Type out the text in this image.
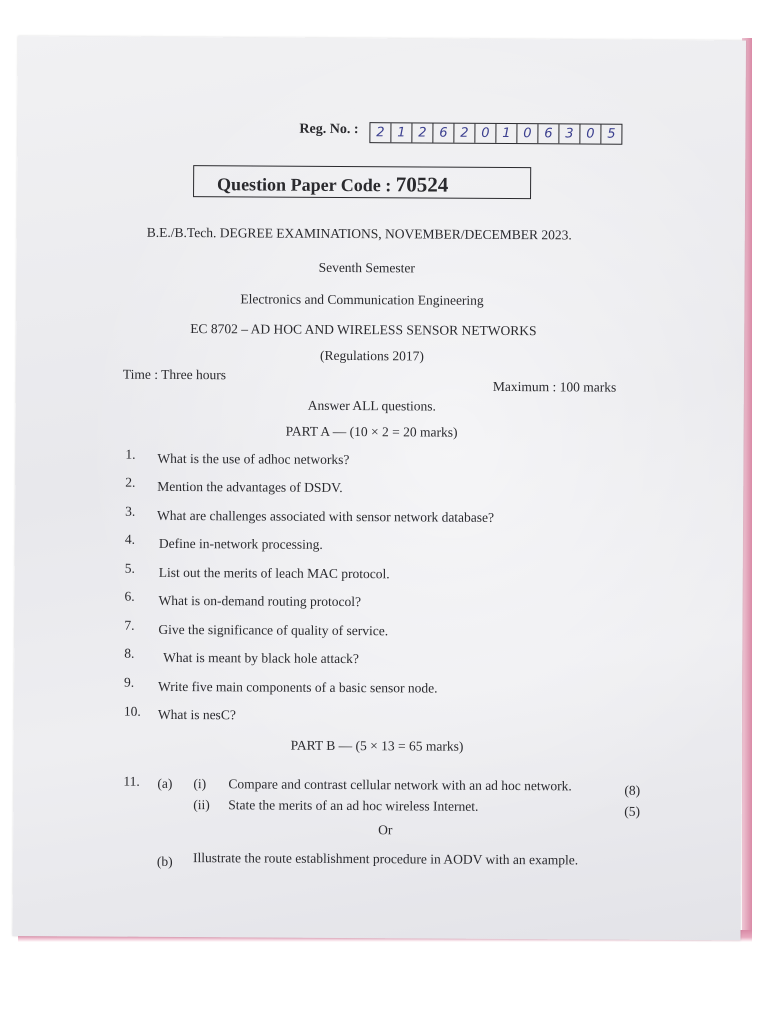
Reg. No. :	2 1 2 6 2 0 1 0 6 3 0 5
Question Paper Code : 70524
B.E./B.Tech. DEGREE EXAMINATIONS, NOVEMBER/DECEMBER 2023.
Seventh Semester
Electronics and Communication Engineering
EC 8702 – AD HOC AND WIRELESS SENSOR NETWORKS
(Regulations 2017)
Time : Three hours
Maximum : 100 marks
Answer ALL questions.
PART A — (10 × 2 = 20 marks)
1. What is the use of adhoc networks?
2. Mention the advantages of DSDV.
3. What are challenges associated with sensor network database?
4. Define in-network processing.
5. List out the merits of leach MAC protocol.
6. What is on-demand routing protocol?
7. Give the significance of quality of service.
8. What is meant by black hole attack?
9. Write five main components of a basic sensor node.
10. What is nesC?
PART B — (5 × 13 = 65 marks)
11. (a) (i) Compare and contrast cellular network with an ad hoc network.	(8)
(ii) State the merits of an ad hoc wireless Internet.	(5)
Or
(b) Illustrate the route establishment procedure in AODV with an example.
